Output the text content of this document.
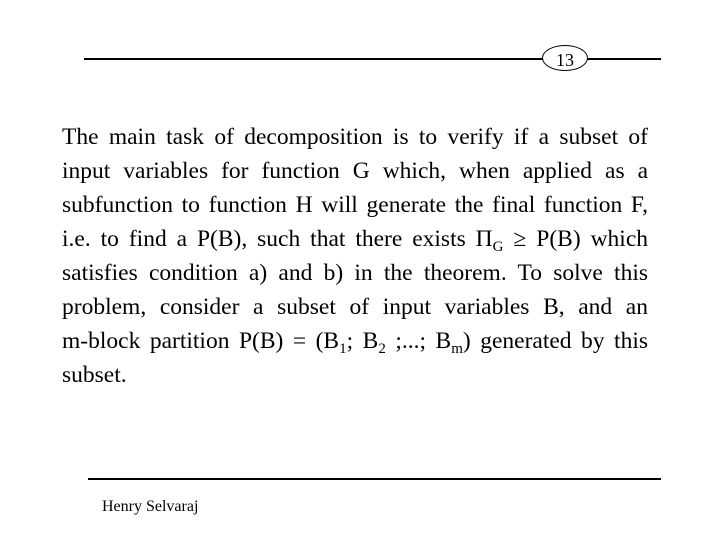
13

The main task of decomposition is to verify if a subset of input variables for function G which, when applied as a subfunction to function H will generate the final function F, i.e. to find a P(B), such that there exists $\Pi_G \ge P(B)$ which satisfies condition a) and b) in the theorem. To solve this problem, consider a subset of input variables B, and an m‑block partition $P(B) = (B_1$; $B_2$ ;...; $B_m$) generated by this subset.

Henry Selvaraj
